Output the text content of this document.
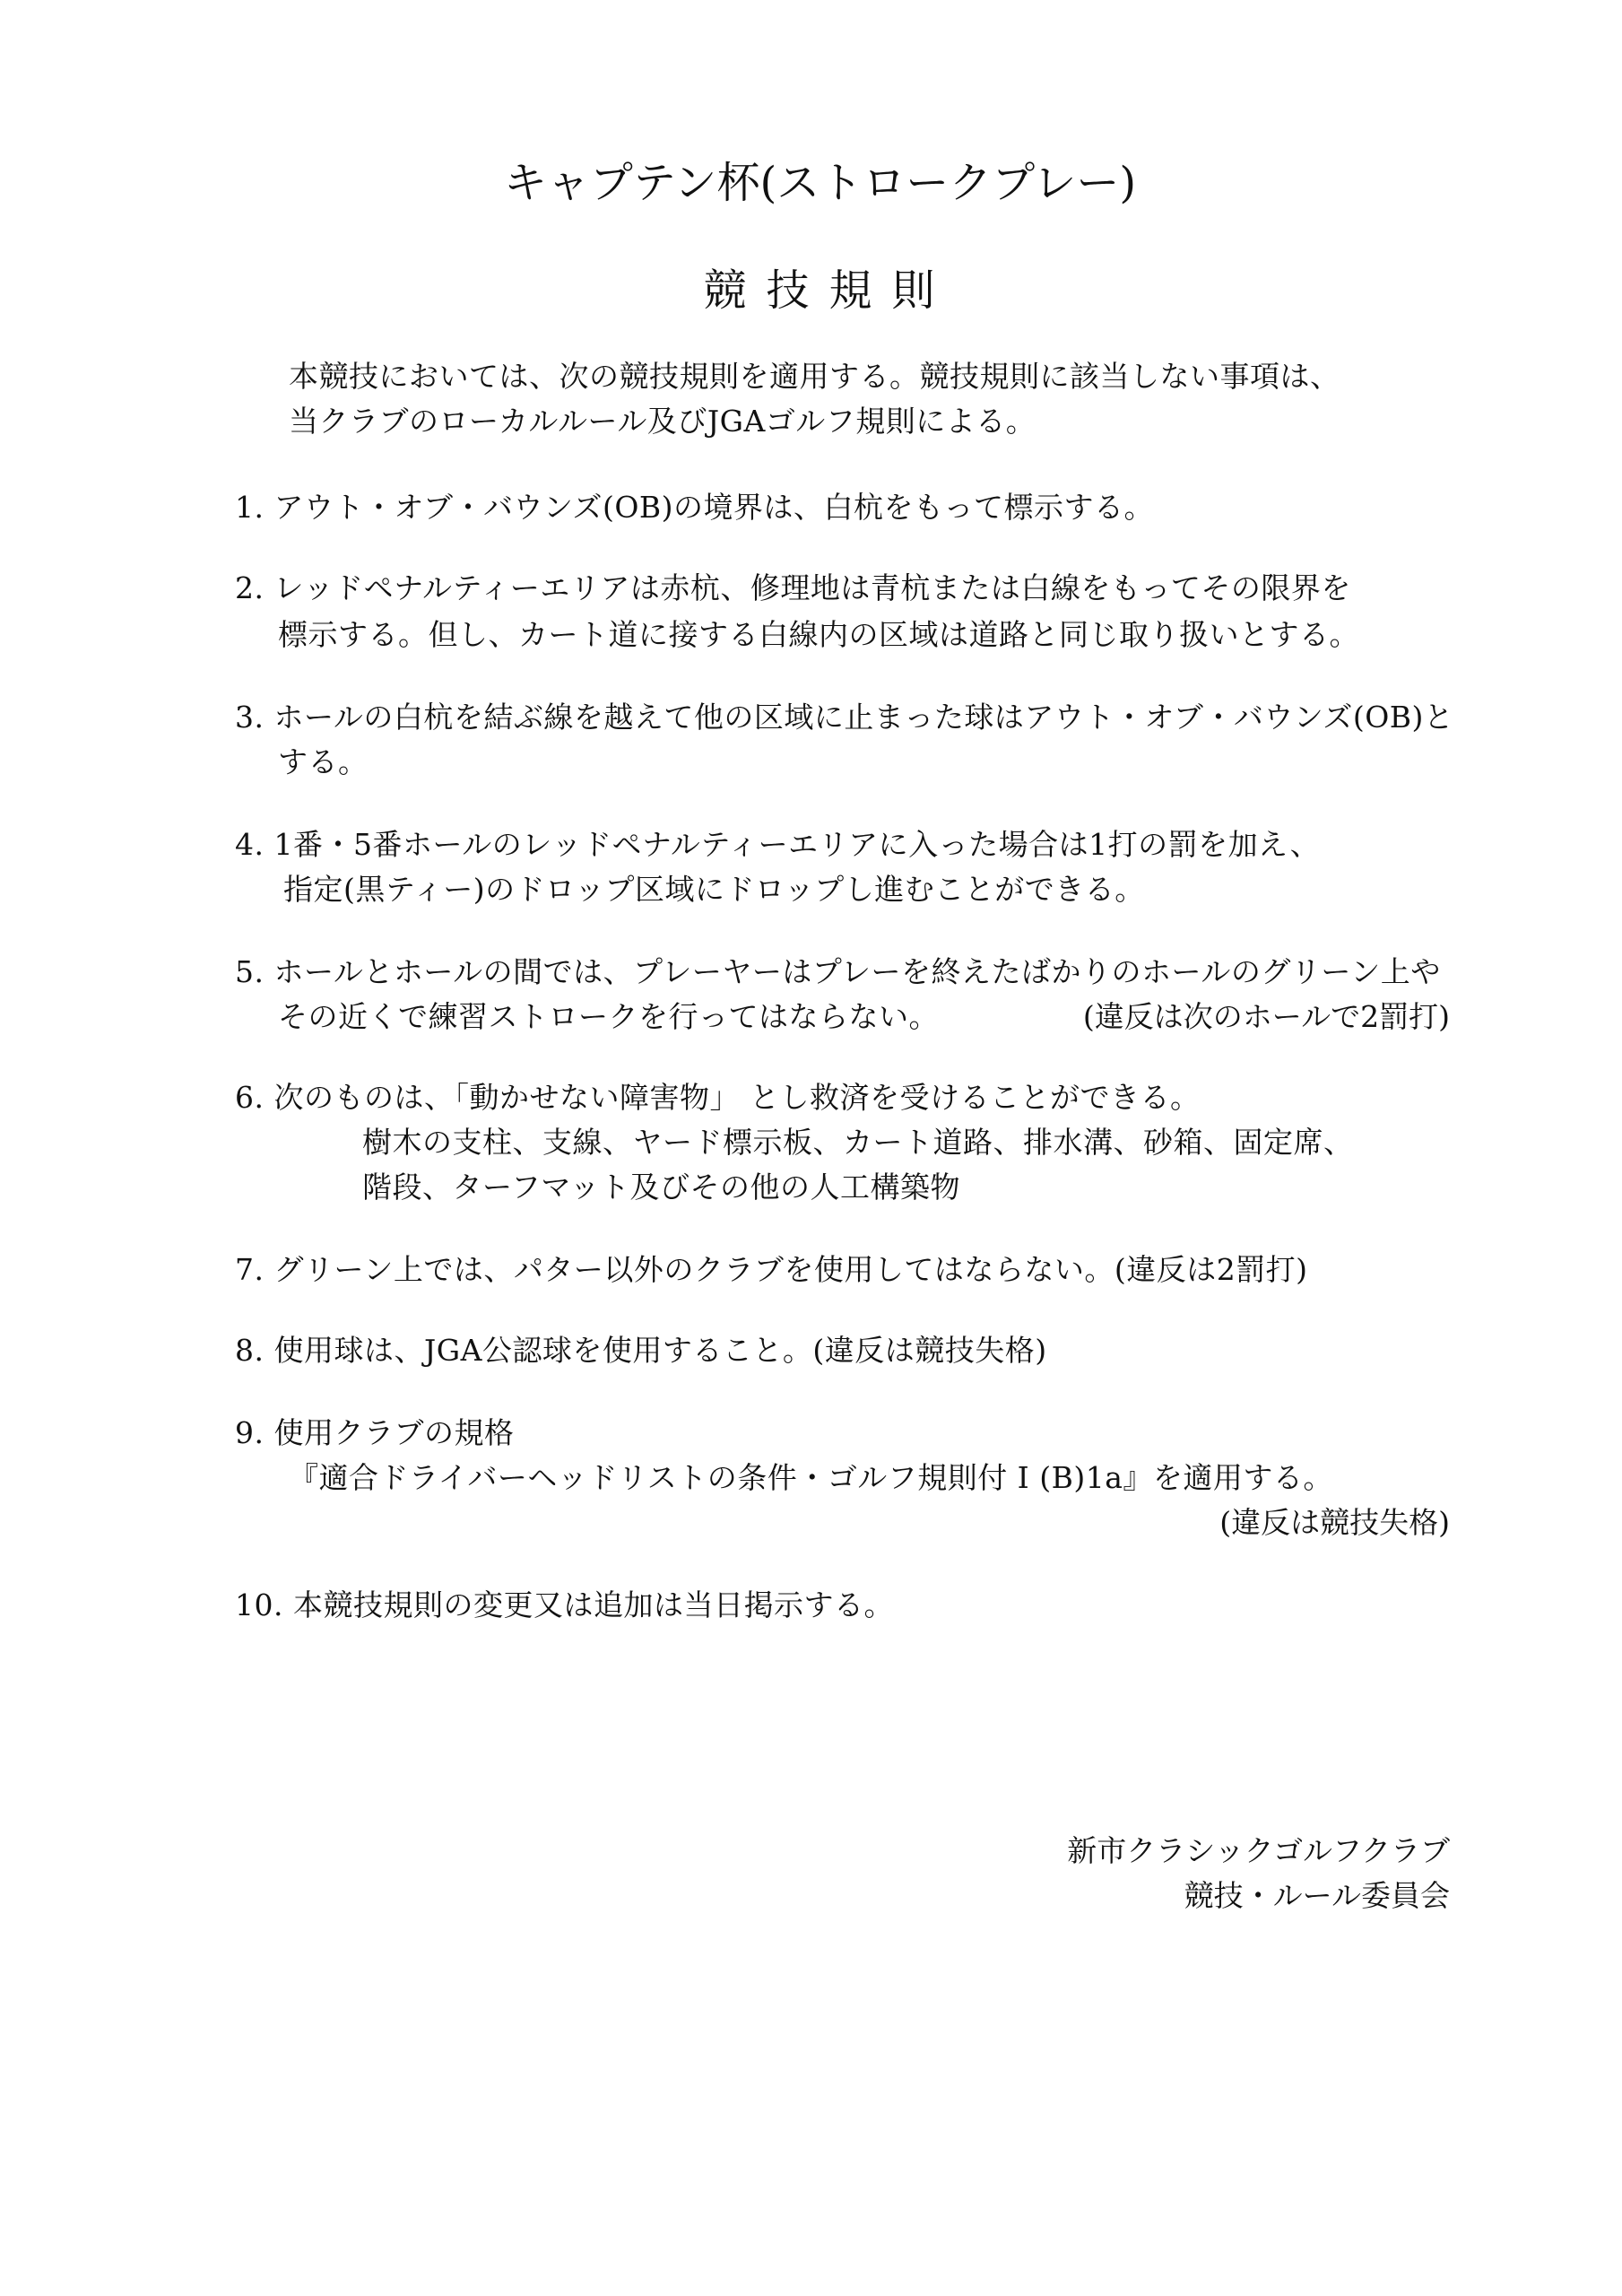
キャプテン杯(ストロークプレー)
競技規則
本競技においては、次の競技規則を適用する。競技規則に該当しない事項は、
当クラブのローカルルール及びJGAゴルフ規則による。
1. アウト・オブ・バウンズ(OB)の境界は、白杭をもって標示する。
2. レッドペナルティーエリアは赤杭、修理地は青杭または白線をもってその限界を
標示する。但し、カート道に接する白線内の区域は道路と同じ取り扱いとする。
3. ホールの白杭を結ぶ線を越えて他の区域に止まった球はアウト・オブ・バウンズ(OB)と
する。
4. 1番・5番ホールのレッドペナルティーエリアに入った場合は1打の罰を加え、
指定(黒ティー)のドロップ区域にドロップし進むことができる。
5. ホールとホールの間では、プレーヤーはプレーを終えたばかりのホールのグリーン上や
その近くで練習ストロークを行ってはならない。	(違反は次のホールで2罰打)
6. 次のものは、「動かせない障害物」 とし救済を受けることができる。
樹木の支柱、支線、ヤード標示板、カート道路、排水溝、砂箱、固定席、
階段、ターフマット及びその他の人工構築物
7. グリーン上では、パター以外のクラブを使用してはならない。(違反は2罰打)
8. 使用球は、JGA公認球を使用すること。(違反は競技失格)
9. 使用クラブの規格
『適合ドライバーヘッドリストの条件・ゴルフ規則付 I (B)1a』を適用する。
(違反は競技失格)
10. 本競技規則の変更又は追加は当日掲示する。
新市クラシックゴルフクラブ
競技・ルール委員会
